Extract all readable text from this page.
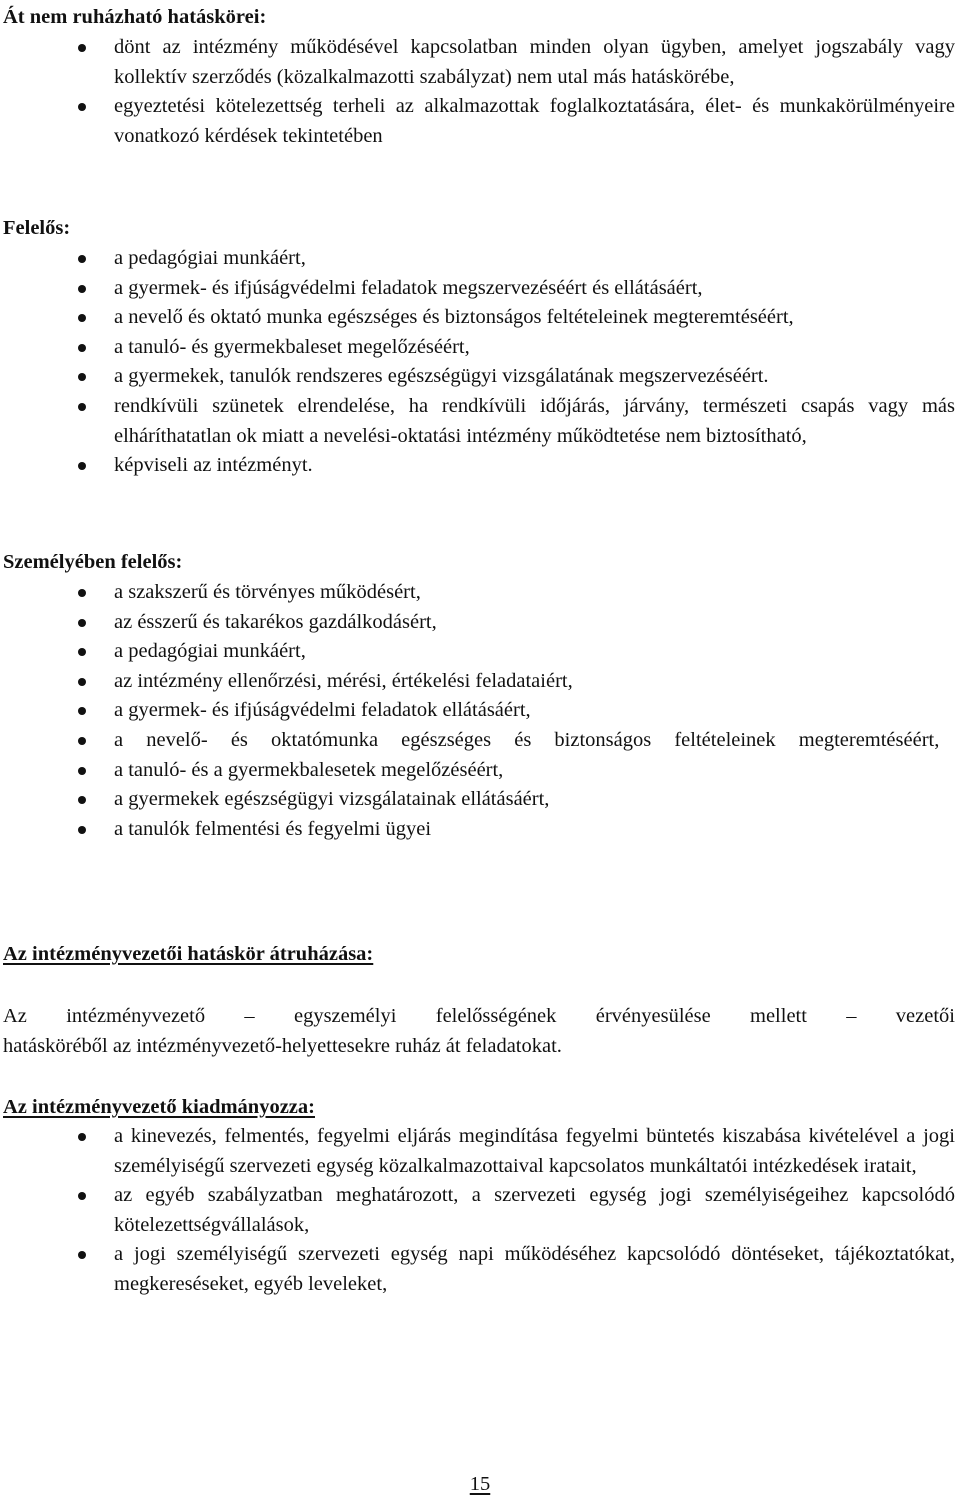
Át nem ruházható hatáskörei:
dönt az intézmény működésével kapcsolatban minden olyan ügyben, amelyet jogszabály vagy kollektív szerződés (közalkalmazotti szabályzat) nem utal más hatáskörébe,
egyeztetési kötelezettség terheli az alkalmazottak foglalkoztatására, élet- és munkakörülményeire vonatkozó kérdések tekintetében
Felelős:
a pedagógiai munkáért,
a gyermek- és ifjúságvédelmi feladatok megszervezéséért és ellátásáért,
a nevelő és oktató munka egészséges és biztonságos feltételeinek megteremtéséért,
a tanuló- és gyermekbaleset megelőzéséért,
a gyermekek, tanulók rendszeres egészségügyi vizsgálatának megszervezéséért.
rendkívüli szünetek elrendelése, ha rendkívüli időjárás, járvány, természeti csapás vagy más elháríthatatlan ok miatt a nevelési-oktatási intézmény működtetése nem biztosítható,
képviseli az intézményt.
Személyében felelős:
a szakszerű és törvényes működésért,
az ésszerű és takarékos gazdálkodásért,
a pedagógiai munkáért,
az intézmény ellenőrzési, mérési, értékelési feladataiért,
a gyermek- és ifjúságvédelmi feladatok ellátásáért,
a nevelő- és oktatómunka egészséges és biztonságos feltételeinek megteremtéséért,
a tanuló- és a gyermekbalesetek megelőzéséért,
a gyermekek egészségügyi vizsgálatainak ellátásáért,
a tanulók felmentési és fegyelmi ügyei
Az intézményvezetői hatáskör átruházása:
Az intézményvezető – egyszemélyi felelősségének érvényesülése mellett – vezetői
hatásköréből az intézményvezető-helyettesekre ruház át feladatokat.
Az intézményvezető kiadmányozza:
a kinevezés, felmentés, fegyelmi eljárás megindítása fegyelmi büntetés kiszabása kivételével a jogi személyiségű szervezeti egység közalkalmazottaival kapcsolatos munkáltatói intézkedések iratait,
az egyéb szabályzatban meghatározott, a szervezeti egység jogi személyiségeihez kapcsolódó kötelezettségvállalások,
a jogi személyiségű szervezeti egység napi működéséhez kapcsolódó döntéseket, tájékoztatókat, megkereséseket, egyéb leveleket,
15
